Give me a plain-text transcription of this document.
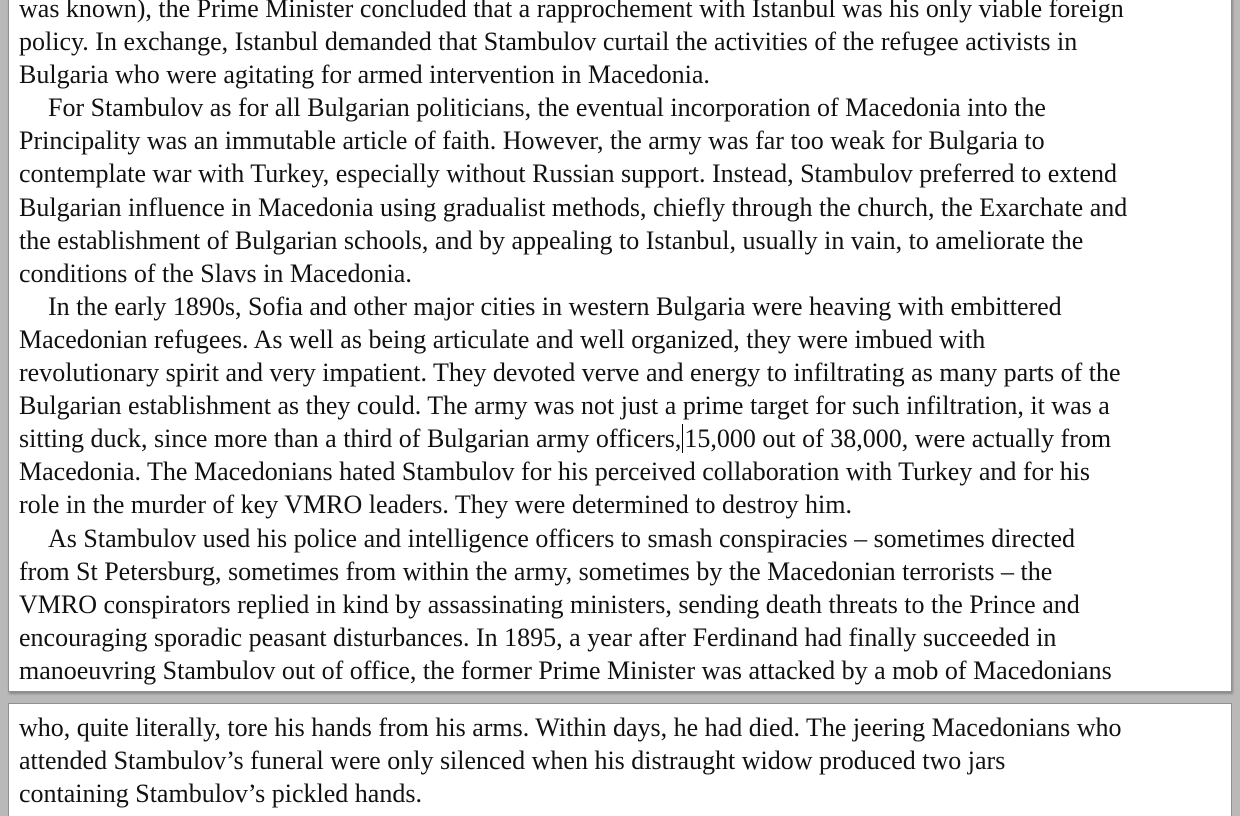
was known), the Prime Minister concluded that a rapprochement with Istanbul was his only viable foreign
policy. In exchange, Istanbul demanded that Stambulov curtail the activities of the refugee activists in
Bulgaria who were agitating for armed intervention in Macedonia.
For Stambulov as for all Bulgarian politicians, the eventual incorporation of Macedonia into the
Principality was an immutable article of faith. However, the army was far too weak for Bulgaria to
contemplate war with Turkey, especially without Russian support. Instead, Stambulov preferred to extend
Bulgarian influence in Macedonia using gradualist methods, chiefly through the church, the Exarchate and
the establishment of Bulgarian schools, and by appealing to Istanbul, usually in vain, to ameliorate the
conditions of the Slavs in Macedonia.
In the early 1890s, Sofia and other major cities in western Bulgaria were heaving with embittered
Macedonian refugees. As well as being articulate and well organized, they were imbued with
revolutionary spirit and very impatient. They devoted verve and energy to infiltrating as many parts of the
Bulgarian establishment as they could. The army was not just a prime target for such infiltration, it was a
sitting duck, since more than a third of Bulgarian army officers, 15,000 out of 38,000, were actually from
Macedonia. The Macedonians hated Stambulov for his perceived collaboration with Turkey and for his
role in the murder of key VMRO leaders. They were determined to destroy him.
As Stambulov used his police and intelligence officers to smash conspiracies – sometimes directed
from St Petersburg, sometimes from within the army, sometimes by the Macedonian terrorists – the
VMRO conspirators replied in kind by assassinating ministers, sending death threats to the Prince and
encouraging sporadic peasant disturbances. In 1895, a year after Ferdinand had finally succeeded in
manoeuvring Stambulov out of office, the former Prime Minister was attacked by a mob of Macedonians
who, quite literally, tore his hands from his arms. Within days, he had died. The jeering Macedonians who
attended Stambulov’s funeral were only silenced when his distraught widow produced two jars
containing Stambulov’s pickled hands.
